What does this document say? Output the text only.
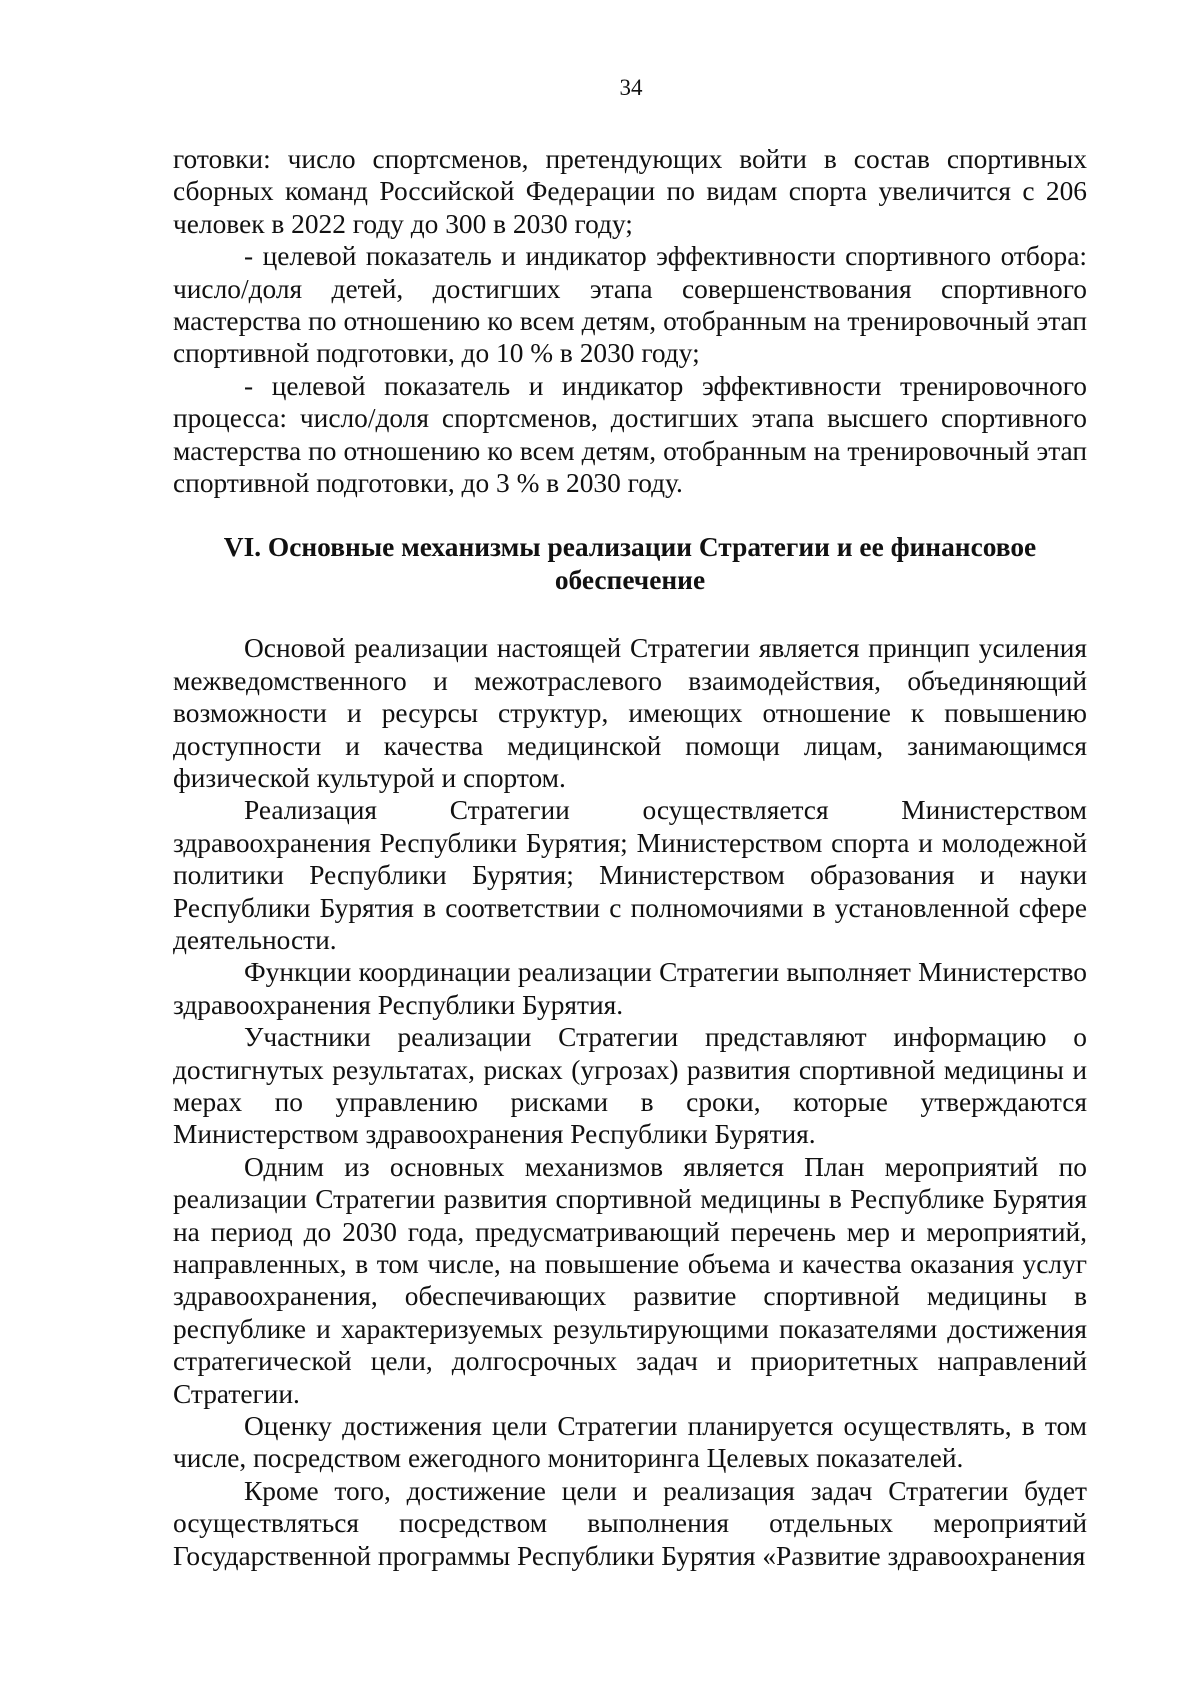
34

готовки: число спортсменов, претендующих войти в состав спортивных сборных команд Российской Федерации по видам спорта увеличится с 206 человек в 2022 году до 300 в 2030 году;

- целевой показатель и индикатор эффективности спортивного отбора: число/доля детей, достигших этапа совершенствования спортивного мастерства по отношению ко всем детям, отобранным на тренировочный этап спортивной подготовки, до 10 % в 2030 году;

- целевой показатель и индикатор эффективности тренировочного процесса: число/доля спортсменов, достигших этапа высшего спортивного мастерства по отношению ко всем детям, отобранным на тренировочный этап спортивной подготовки, до 3 % в 2030 году.

VI. Основные механизмы реализации Стратегии и ее финансовое обеспечение

Основой реализации настоящей Стратегии является принцип усиления межведомственного и межотраслевого взаимодействия, объединяющий возможности и ресурсы структур, имеющих отношение к повышению доступности и качества медицинской помощи лицам, занимающимся физической культурой и спортом.

Реализация Стратегии осуществляется Министерством здравоохранения Республики Бурятия; Министерством спорта и молодежной политики Республики Бурятия; Министерством образования и науки Республики Бурятия в соответствии с полномочиями в установленной сфере деятельности.

Функции координации реализации Стратегии выполняет Министерство здравоохранения Республики Бурятия.

Участники реализации Стратегии представляют информацию о достигнутых результатах, рисках (угрозах) развития спортивной медицины и мерах по управлению рисками в сроки, которые утверждаются Министерством здравоохранения Республики Бурятия.

Одним из основных механизмов является План мероприятий по реализации Стратегии развития спортивной медицины в Республике Бурятия на период до 2030 года, предусматривающий перечень мер и мероприятий, направленных, в том числе, на повышение объема и качества оказания услуг здравоохранения, обеспечивающих развитие спортивной медицины в республике и характеризуемых результирующими показателями достижения стратегической цели, долгосрочных задач и приоритетных направлений Стратегии.

Оценку достижения цели Стратегии планируется осуществлять, в том числе, посредством ежегодного мониторинга Целевых показателей.

Кроме того, достижение цели и реализация задач Стратегии будет осуществляться посредством выполнения отдельных мероприятий Государственной программы Республики Бурятия «Развитие здравоохранения
